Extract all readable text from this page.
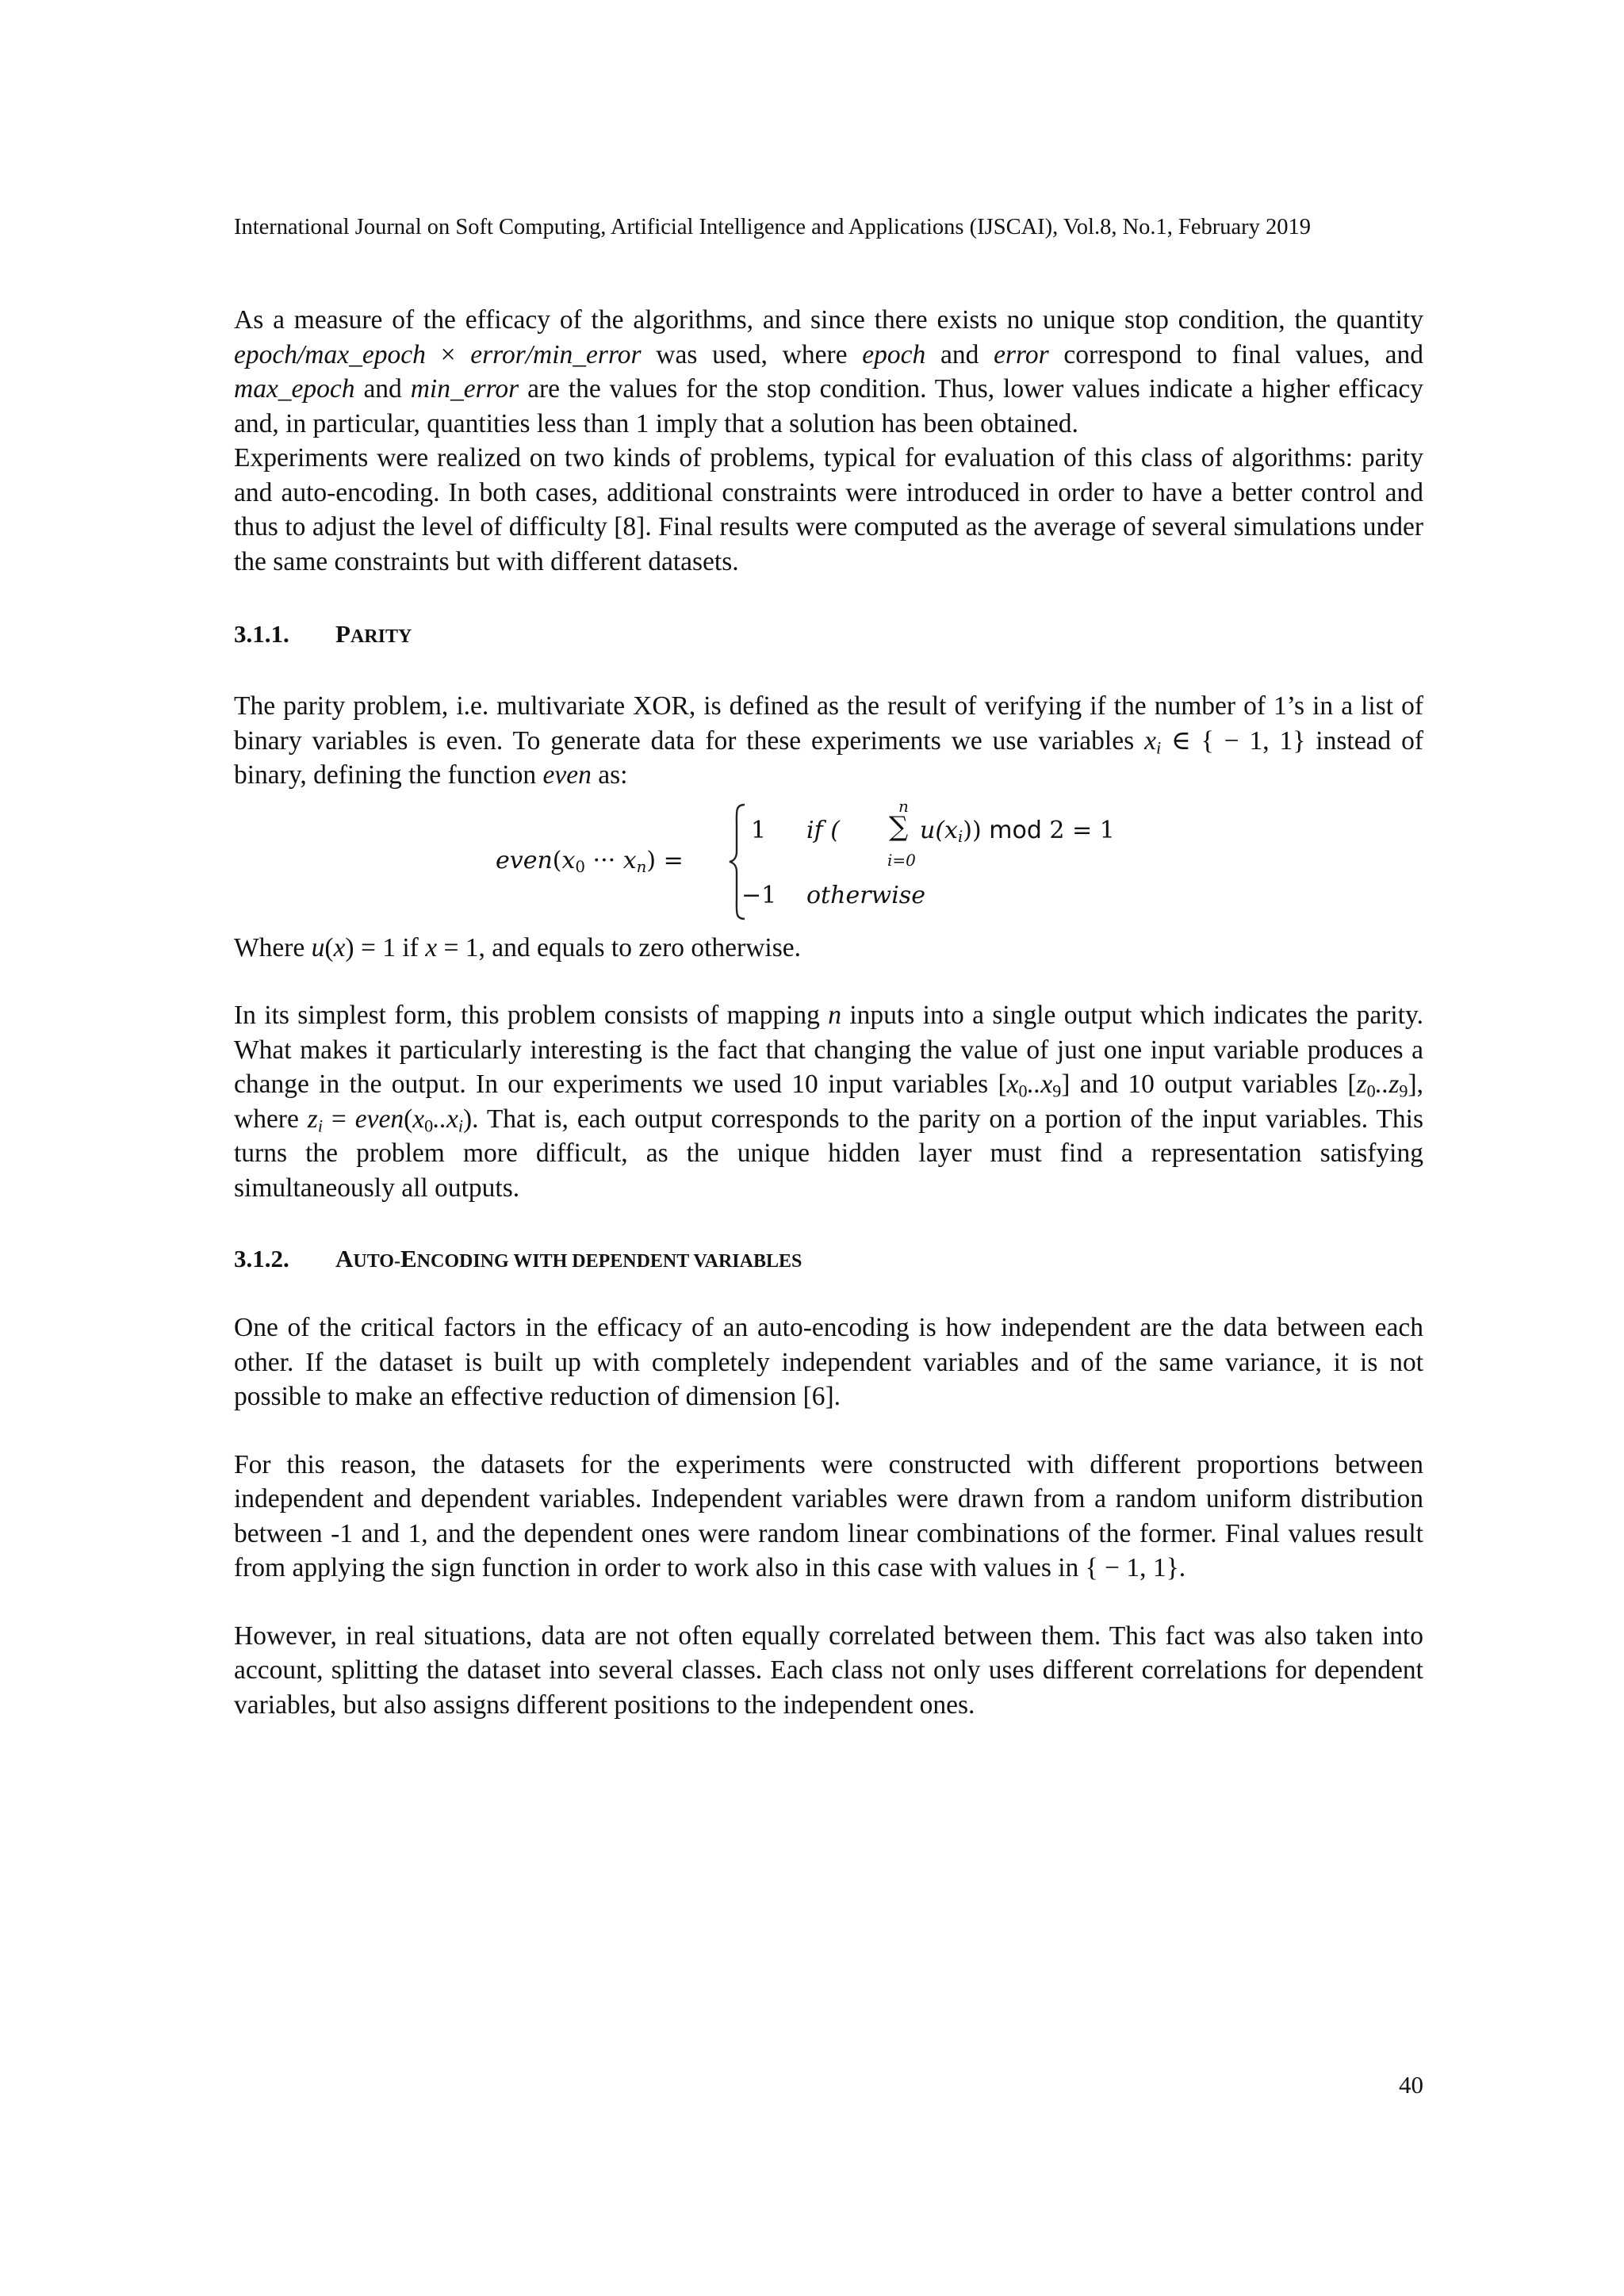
International Journal on Soft Computing, Artificial Intelligence and Applications (IJSCAI), Vol.8, No.1, February 2019

As a measure of the efficacy of the algorithms, and since there exists no unique stop condition, the quantity epoch/max_epoch × error/min_error was used, where epoch and error correspond to final values, and max_epoch and min_error are the values for the stop condition. Thus, lower values indicate a higher efficacy and, in particular, quantities less than 1 imply that a solution has been obtained.

Experiments were realized on two kinds of problems, typical for evaluation of this class of algorithms: parity and auto-encoding. In both cases, additional constraints were introduced in order to have a better control and thus to adjust the level of difficulty [8]. Final results were computed as the average of several simulations under the same constraints but with different datasets.

3.1.1. PARITY

The parity problem, i.e. multivariate XOR, is defined as the result of verifying if the number of 1’s in a list of binary variables is even. To generate data for these experiments we use variables $x_i$ ∈ { − 1, 1} instead of binary, defining the function even as:

$even(x_0$ ··· $x_n$) =
1 if (
n
∑
i=0
$u(x_i)$) mod 2 = 1
−1 otherwise

Where u(x) = 1 if x = 1, and equals to zero otherwise.

In its simplest form, this problem consists of mapping n inputs into a single output which indicates the parity. What makes it particularly interesting is the fact that changing the value of just one input variable produces a change in the output. In our experiments we used 10 input variables $[x_0..x_9]$ and 10 output variables $[z_0..z_9]$, where $z_i$ = $even(x_0..x_i)$. That is, each output corresponds to the parity on a portion of the input variables. This turns the problem more difficult, as the unique hidden layer must find a representation satisfying simultaneously all outputs.

3.1.2. AUTO-ENCODING WITH DEPENDENT VARIABLES

One of the critical factors in the efficacy of an auto-encoding is how independent are the data between each other. If the dataset is built up with completely independent variables and of the same variance, it is not possible to make an effective reduction of dimension [6].

For this reason, the datasets for the experiments were constructed with different proportions between independent and dependent variables. Independent variables were drawn from a random uniform distribution between -1 and 1, and the dependent ones were random linear combinations of the former. Final values result from applying the sign function in order to work also in this case with values in { − 1, 1}.

However, in real situations, data are not often equally correlated between them. This fact was also taken into account, splitting the dataset into several classes. Each class not only uses different correlations for dependent variables, but also assigns different positions to the independent ones.

40
